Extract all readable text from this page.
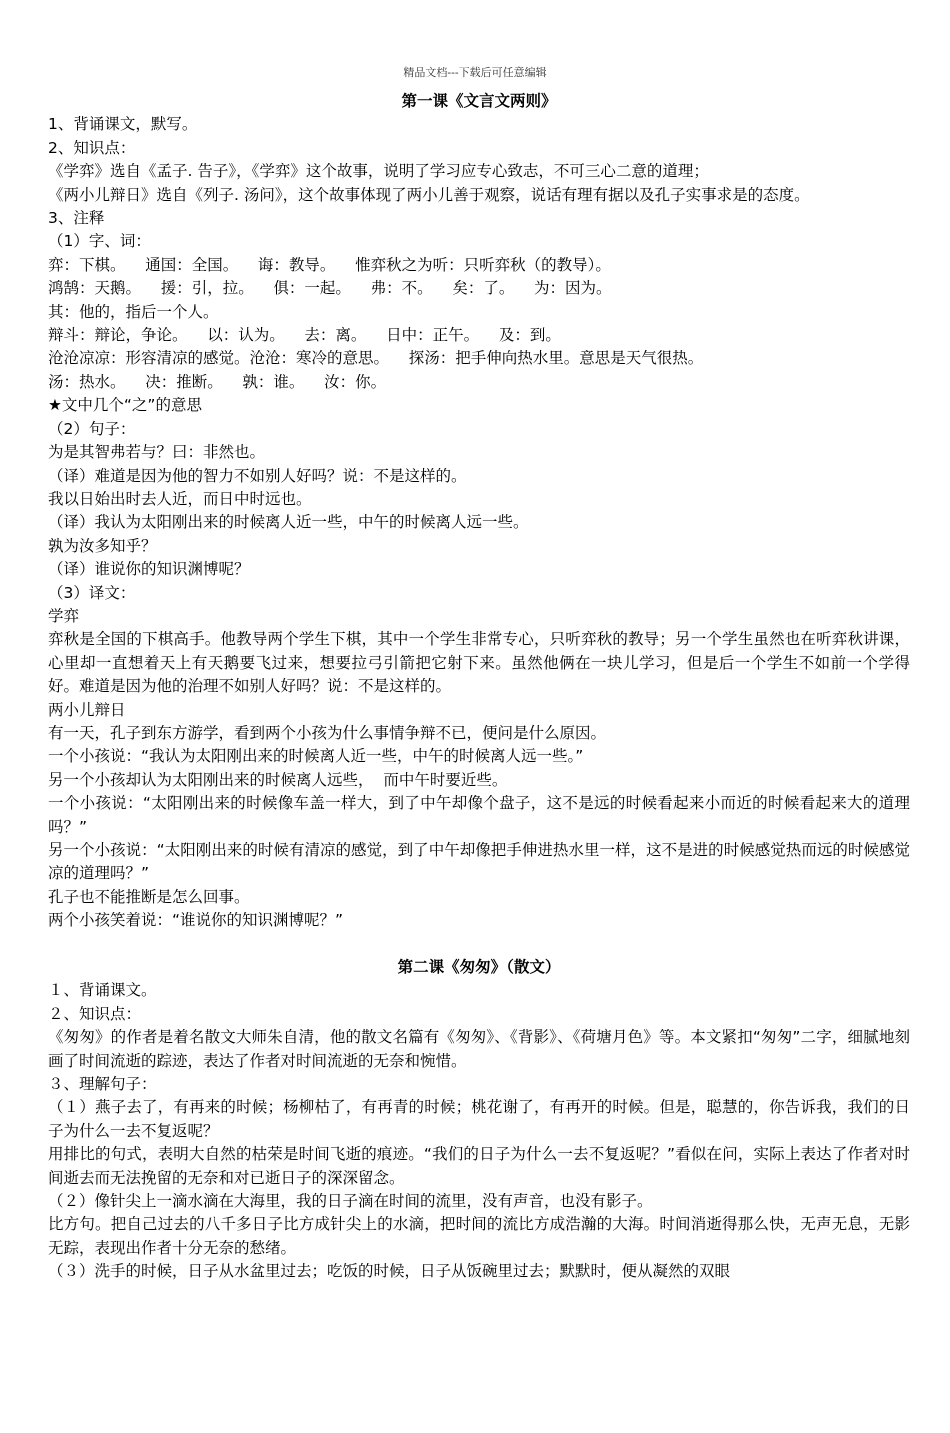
精品文档---下载后可任意编辑

第一课《文言文两则》

1、背诵课文，默写。

2、知识点：

《学弈》选自《孟子. 告子》，《学弈》这个故事，说明了学习应专心致志，不可三心二意的道理；

《两小儿辩日》选自《列子. 汤问》，这个故事体现了两小儿善于观察，说话有理有据以及孔子实事求是的态度。

3、注释

（1）字、词：

弈：下棋。    通国：全国。    诲：教导。    惟弈秋之为听：只听弈秋（的教导）。

鸿鹄：天鹅。    援：引，拉。    俱：一起。    弗：不。    矣：了。    为：因为。

其：他的，指后一个人。

辩斗：辩论，争论。    以：认为。    去：离。    日中：正午。    及：到。

沧沧凉凉：形容清凉的感觉。沧沧：寒冷的意思。    探汤：把手伸向热水里。意思是天气很热。

汤：热水。    决：推断。    孰：谁。    汝：你。

★文中几个“之”的意思

（2）句子：

为是其智弗若与？曰：非然也。

（译）难道是因为他的智力不如别人好吗？说：不是这样的。

我以日始出时去人近，而日中时远也。

（译）我认为太阳刚出来的时候离人近一些，中午的时候离人远一些。

孰为汝多知乎？

（译）谁说你的知识渊博呢？

（3）译文：

学弈

弈秋是全国的下棋高手。他教导两个学生下棋，其中一个学生非常专心，只听弈秋的教导；另一个学生虽然也在听弈秋讲课，心里却一直想着天上有天鹅要飞过来，想要拉弓引箭把它射下来。虽然他俩在一块儿学习，但是后一个学生不如前一个学得好。难道是因为他的治理不如别人好吗？说：不是这样的。

两小儿辩日

有一天，孔子到东方游学，看到两个小孩为什么事情争辩不已，便问是什么原因。

一个小孩说：“我认为太阳刚出来的时候离人近一些，中午的时候离人远一些。”

另一个小孩却认为太阳刚出来的时候离人远些，  而中午时要近些。

一个小孩说：“太阳刚出来的时候像车盖一样大，到了中午却像个盘子，这不是远的时候看起来小而近的时候看起来大的道理吗？”

另一个小孩说：“太阳刚出来的时候有清凉的感觉，到了中午却像把手伸进热水里一样，这不是进的时候感觉热而远的时候感觉凉的道理吗？”

孔子也不能推断是怎么回事。

两个小孩笑着说：“谁说你的知识渊博呢？”

第二课《匆匆》（散文）

１、背诵课文。

２、知识点：

《匆匆》的作者是着名散文大师朱自清，他的散文名篇有《匆匆》、《背影》、《荷塘月色》等。本文紧扣“匆匆”二字，细腻地刻画了时间流逝的踪迹，表达了作者对时间流逝的无奈和惋惜。

３、理解句子：

（１）燕子去了，有再来的时候；杨柳枯了，有再青的时候；桃花谢了，有再开的时候。但是，聪慧的，你告诉我，我们的日子为什么一去不复返呢？

用排比的句式，表明大自然的枯荣是时间飞逝的痕迹。“我们的日子为什么一去不复返呢？”看似在问，实际上表达了作者对时间逝去而无法挽留的无奈和对已逝日子的深深留念。

（２）像针尖上一滴水滴在大海里，我的日子滴在时间的流里，没有声音，也没有影子。

比方句。把自己过去的八千多日子比方成针尖上的水滴，把时间的流比方成浩瀚的大海。时间消逝得那么快，无声无息，无影无踪，表现出作者十分无奈的愁绪。

（３）洗手的时候，日子从水盆里过去；吃饭的时候，日子从饭碗里过去；默默时，便从凝然的双眼
